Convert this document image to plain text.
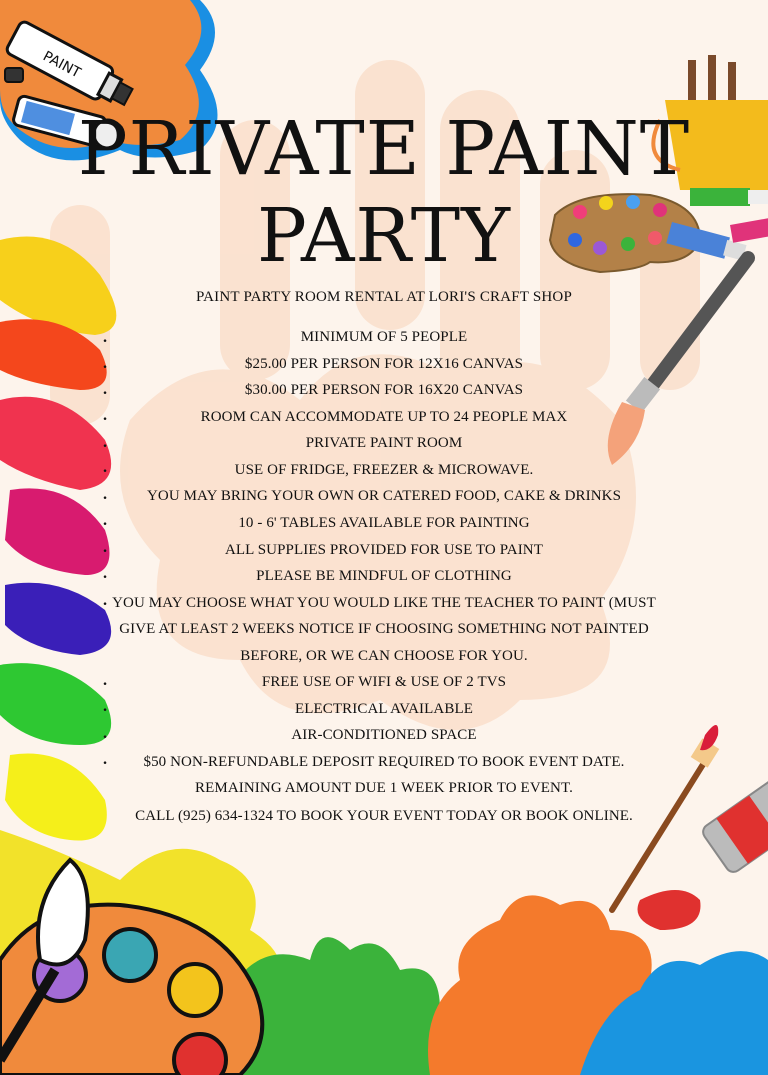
PAINT
PRIVATE PAINT
PARTY
PAINT PARTY ROOM RENTAL AT LORI'S CRAFT SHOP
MINIMUM OF 5 PEOPLE
$25.00 PER PERSON FOR 12X16 CANVAS
$30.00 PER PERSON FOR 16X20 CANVAS
ROOM CAN ACCOMMODATE UP TO 24 PEOPLE MAX
PRIVATE PAINT ROOM
USE OF FRIDGE, FREEZER & MICROWAVE.
YOU MAY BRING YOUR OWN OR CATERED FOOD, CAKE & DRINKS
10 - 6' TABLES AVAILABLE FOR PAINTING
ALL SUPPLIES PROVIDED FOR USE TO PAINT
PLEASE BE MINDFUL OF CLOTHING
YOU MAY CHOOSE WHAT YOU WOULD LIKE THE TEACHER TO PAINT (MUST
GIVE AT LEAST 2 WEEKS NOTICE IF CHOOSING SOMETHING NOT PAINTED
BEFORE, OR WE CAN CHOOSE FOR YOU.
FREE USE OF WIFI & USE OF 2 TVS
ELECTRICAL AVAILABLE
AIR-CONDITIONED SPACE
$50 NON-REFUNDABLE DEPOSIT REQUIRED TO BOOK EVENT DATE.
REMAINING AMOUNT DUE 1 WEEK PRIOR TO EVENT.
CALL (925) 634-1324 TO BOOK YOUR EVENT TODAY OR BOOK ONLINE.
•
•
•
•
•
•
•
•
•
•
•
•
•
•
•
